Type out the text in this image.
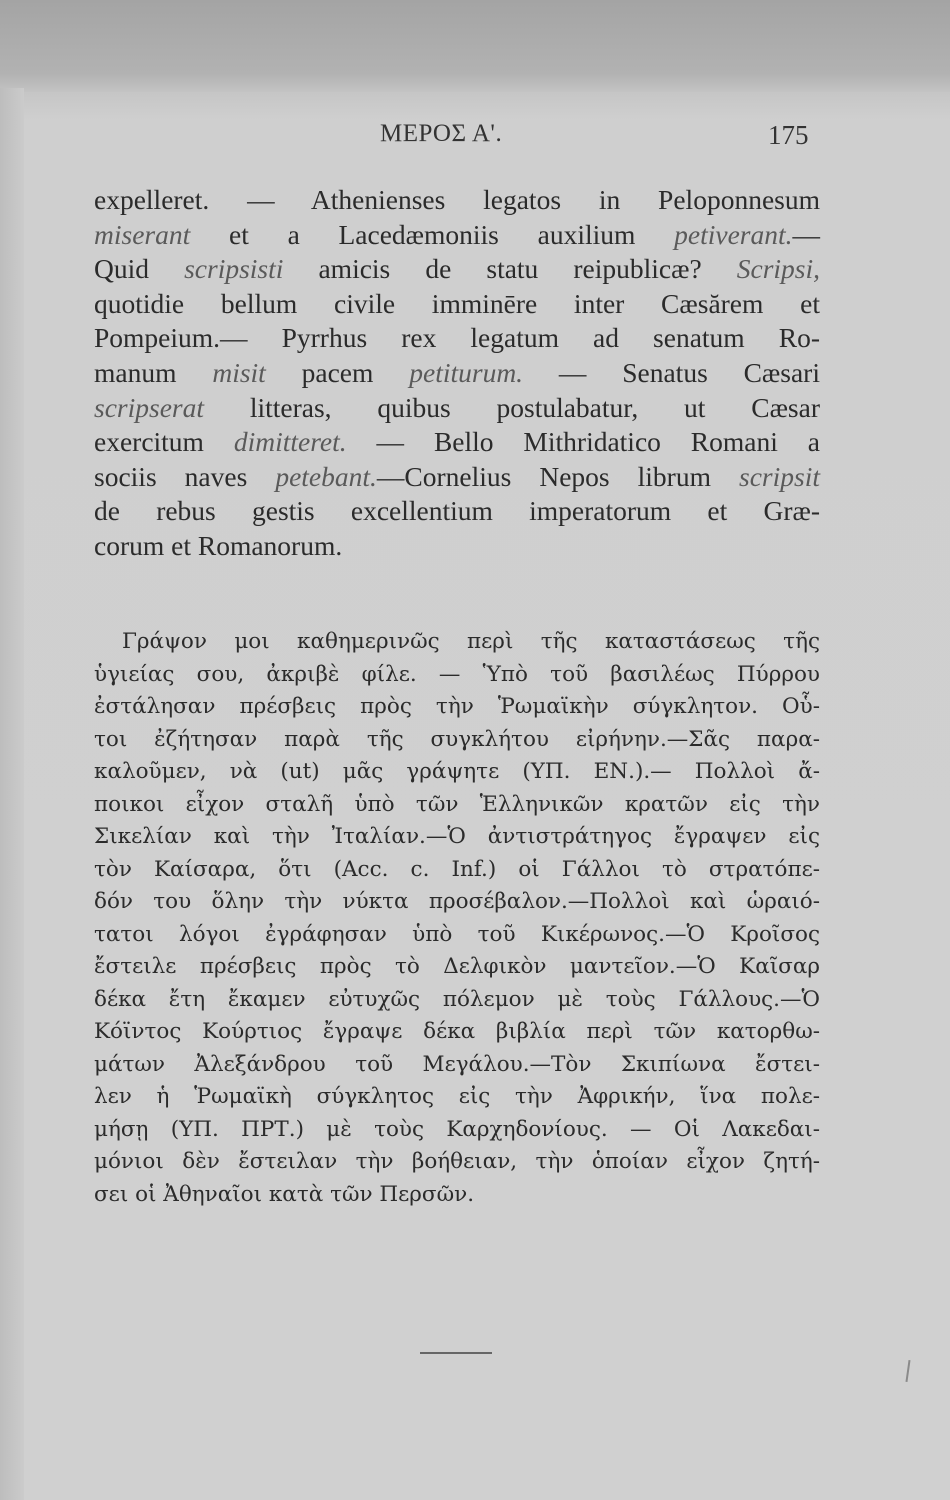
ΜΕΡΟΣ Α'.	175
expelleret. — Athenienses legatos in Peloponnesum
miserant et a Lacedæmoniis auxilium petiverant.—
Quid scripsisti amicis de statu reipublicæ? Scripsi,
quotidie bellum civile imminēre inter Cæsărem et
Pompeium.— Pyrrhus rex legatum ad senatum Ro-
manum misit pacem petiturum. — Senatus Cæsari
scripserat litteras, quibus postulabatur, ut Cæsar
exercitum dimitteret. — Bello Mithridatico Romani a
sociis naves petebant.—Cornelius Nepos librum scripsit
de rebus gestis excellentium imperatorum et Græ-
corum et Romanorum.
Γράψον μοι καθημερινῶς περὶ τῆς καταστάσεως τῆς
ὑγιείας σου, ἀκριβὲ φίλε. — Ὑπὸ τοῦ βασιλέως Πύρρου
ἐστάλησαν πρέσβεις πρὸς τὴν Ῥωμαϊκὴν σύγκλητον. Οὗ-
τοι ἐζήτησαν παρὰ τῆς συγκλήτου εἰρήνην.—Σᾶς παρα-
καλοῦμεν, νὰ (ut) μᾶς γράψητε (ΥΠ. ΕΝ.).— Πολλοὶ ἄ-
ποικοι εἶχον σταλῆ ὑπὸ τῶν Ἑλληνικῶν κρατῶν εἰς τὴν
Σικελίαν καὶ τὴν Ἰταλίαν.—Ὁ ἀντιστράτηγος ἔγραψεν εἰς
τὸν Καίσαρα, ὅτι (Acc. c. Inf.) οἱ Γάλλοι τὸ στρατόπε-
δόν του ὅλην τὴν νύκτα προσέβαλον.—Πολλοὶ καὶ ὡραιό-
τατοι λόγοι ἐγράφησαν ὑπὸ τοῦ Κικέρωνος.—Ὁ Κροῖσος
ἔστειλε πρέσβεις πρὸς τὸ Δελφικὸν μαντεῖον.—Ὁ Καῖσαρ
δέκα ἔτη ἔκαμεν εὐτυχῶς πόλεμον μὲ τοὺς Γάλλους.—Ὁ
Κόϊντος Κούρτιος ἔγραψε δέκα βιβλία περὶ τῶν κατορθω-
μάτων Ἀλεξάνδρου τοῦ Μεγάλου.—Τὸν Σκιπίωνα ἔστει-
λεν ἡ Ῥωμαϊκὴ σύγκλητος εἰς τὴν Ἀφρικήν, ἵνα πολε-
μήσῃ (ΥΠ. ΠΡΤ.) μὲ τοὺς Καρχηδονίους. — Οἱ Λακεδαι-
μόνιοι δὲν ἔστειλαν τὴν βοήθειαν, τὴν ὁποίαν εἶχον ζητή-
σει οἱ Ἀθηναῖοι κατὰ τῶν Περσῶν.
